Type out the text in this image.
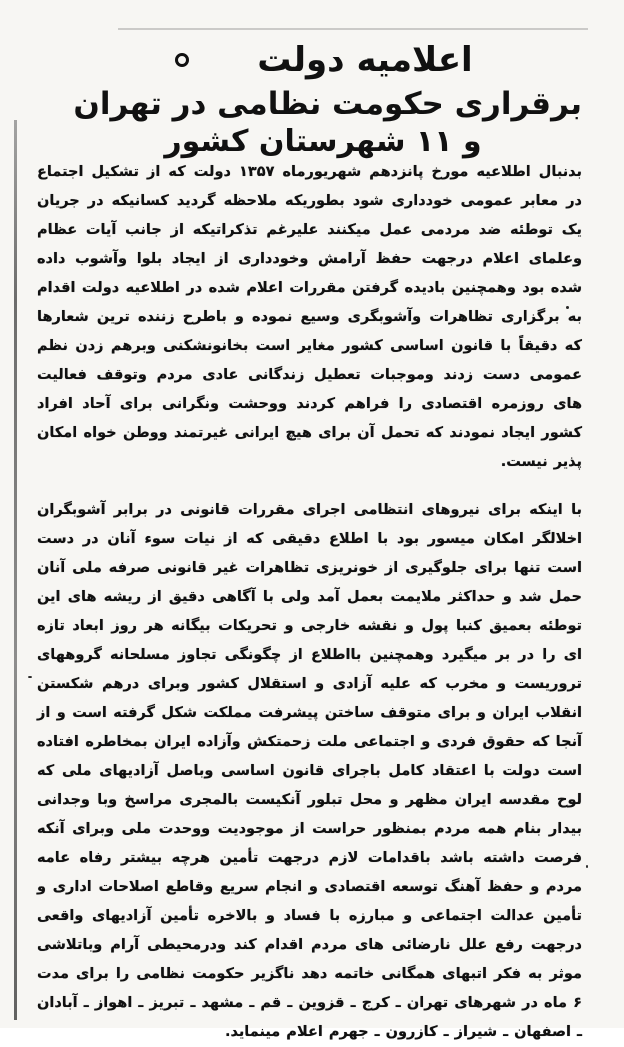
اعلامیه دولت
برقراری حکومت نظامی در تهران
و ۱۱ شهرستان کشور

بدنبال اطلاعیه مورخ پانزدهم شهریورماه ۱۳۵۷ دولت که از تشکیل اجتماع در معابر عمومی خودداری شود بطوریکه ملاحظه گردید کسانیکه در جریان یک توطئه ضد مردمی عمل میکنند علیرغم تذکراتیکه از جانب آیات عظام وعلمای اعلام درجهت حفظ آرامش وخودداری از ایجاد بلوا وآشوب داده شده بود وهمچنین بادیده گرفتن مقررات اعلام شده در اطلاعیه دولت اقدام به برگزاری تظاهرات وآشوبگری وسیع نموده و باطرح زننده ترین شعارها که دقیقاً با قانون اساسی کشور مغایر است بخانونشکنی وبرهم زدن نظم عمومی دست زدند وموجبات تعطیل زندگانی عادی مردم وتوقف فعالیت های روزمره اقتصادی را فراهم کردند ووحشت ونگرانی برای آحاد افراد کشور ایجاد نمودند که تحمل آن برای هیچ ایرانی غیرتمند ووطن خواه امکان پذیر نیست.

با اینکه برای نیروهای انتظامی اجرای مقررات قانونی در برابر آشوبگران اخلالگر امکان میسور بود با اطلاع دقیقی که از نیات سوء آنان در دست است تنها برای جلوگیری از خونریزی تظاهرات غیر قانونی صرفه ملی آنان حمل شد و حداکثر ملایمت بعمل آمد ولی با آگاهی دقیق از ریشه های این توطئه بعمیق کنبا پول و نقشه خارجی و تحریکات بیگانه هر روز ابعاد تازه ای را در بر میگیرد وهمچنین بااطلاع از چگونگی تجاوز مسلحانه گروههای تروریست و مخرب که علیه آزادی و استقلال کشور وبرای درهم شکستن انقلاب ایران و برای متوقف ساختن پیشرفت مملکت شکل گرفته است و از آنجا که حقوق فردی و اجتماعی ملت زحمتکش وآزاده ایران بمخاطره افتاده است دولت با اعتقاد کامل باجرای قانون اساسی وباصل آزادیهای ملی که لوح مقدسه ایران مظهر و محل تبلور آنکیست بالمجری مراسخ وبا وجدانی بیدار بنام همه مردم بمنظور حراست از موجودیت ووحدت ملی وبرای آنکه فرصت داشته باشد باقدامات لازم درجهت تأمین هرچه بیشتر رفاه عامه مردم و حفظ آهنگ توسعه اقتصادی و انجام سریع وقاطع اصلاحات اداری و تأمین عدالت اجتماعی و مبارزه با فساد و بالاخره تأمین آزادیهای واقعی درجهت رفع علل نارضائی های مردم اقدام کند ودرمحیطی آرام وباتلاشی موثر به فکر اتبهای همگانی خاتمه دهد ناگزیر حکومت نظامی را برای مدت ۶ ماه در شهرهای تهران ـ کرج ـ قزوین ـ قم ـ مشهد ـ تبریز ـ اهواز ـ آبادان ـ اصفهان ـ شیراز ـ کازرون ـ جهرم اعلام مینماید.
